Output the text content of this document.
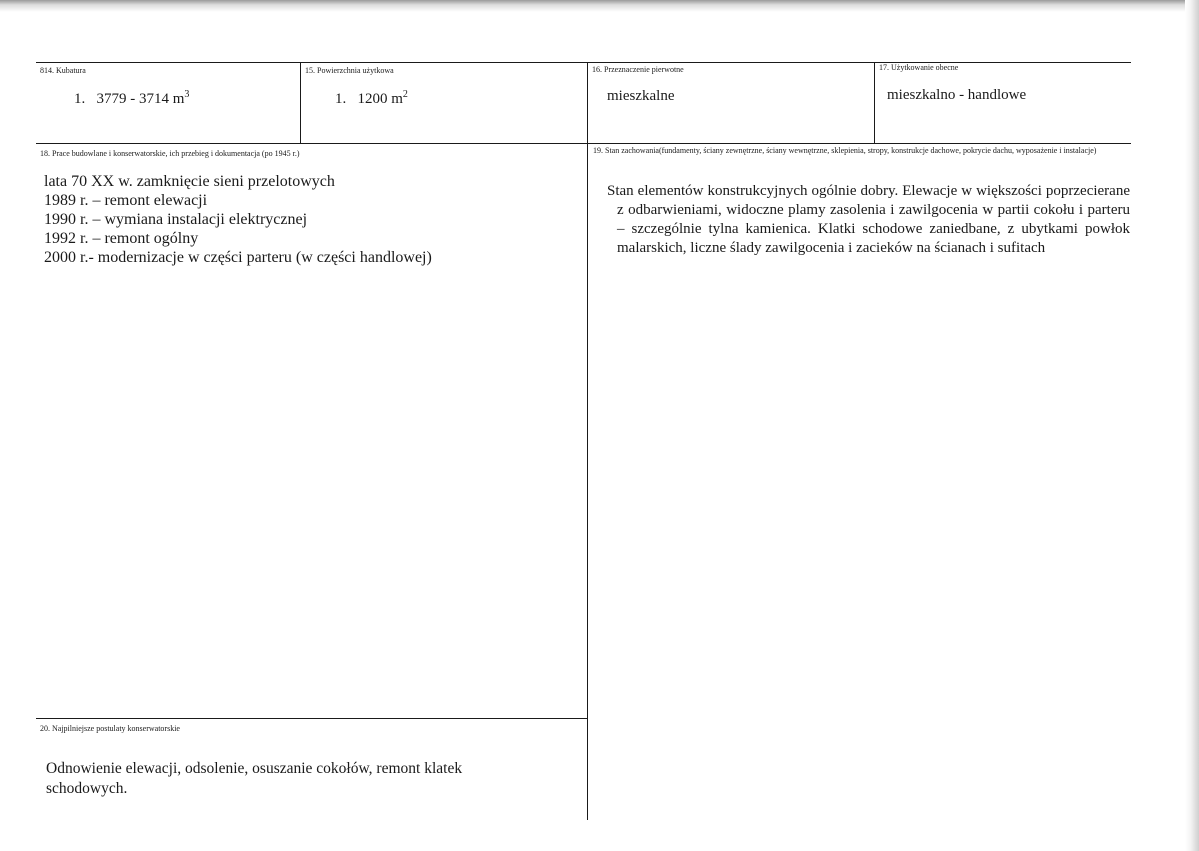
814. Kubatura
1. 3779 - 3714 $m^3$
15. Powierzchnia użytkowa
1. 1200 $m^2$
16. Przeznaczenie pierwotne
mieszkalne
17. Użytkowanie obecne
mieszkalno - handlowe
18. Prace budowlane i konserwatorskie, ich przebieg i dokumentacja (po 1945 r.)
lata 70 XX w. zamknięcie sieni przelotowych
1989 r. – remont elewacji
1990 r. – wymiana instalacji elektrycznej
1992 r. – remont ogólny
2000 r.- modernizacje w części parteru (w części handlowej)
19. Stan zachowania(fundamenty, ściany zewnętrzne, ściany wewnętrzne, sklepienia, stropy, konstrukcje dachowe, pokrycie dachu, wyposażenie i instalacje)
Stan elementów konstrukcyjnych ogólnie dobry. Elewacje w większości poprzecierane z odbarwieniami, widoczne plamy zasolenia i zawilgocenia w partii cokołu i parteru – szczególnie tylna kamienica. Klatki schodowe zaniedbane, z ubytkami powłok malarskich, liczne ślady zawilgocenia i zacieków na ścianach i sufitach
20. Najpilniejsze postulaty konserwatorskie
Odnowienie elewacji, odsolenie, osuszanie cokołów, remont klatek schodowych.
